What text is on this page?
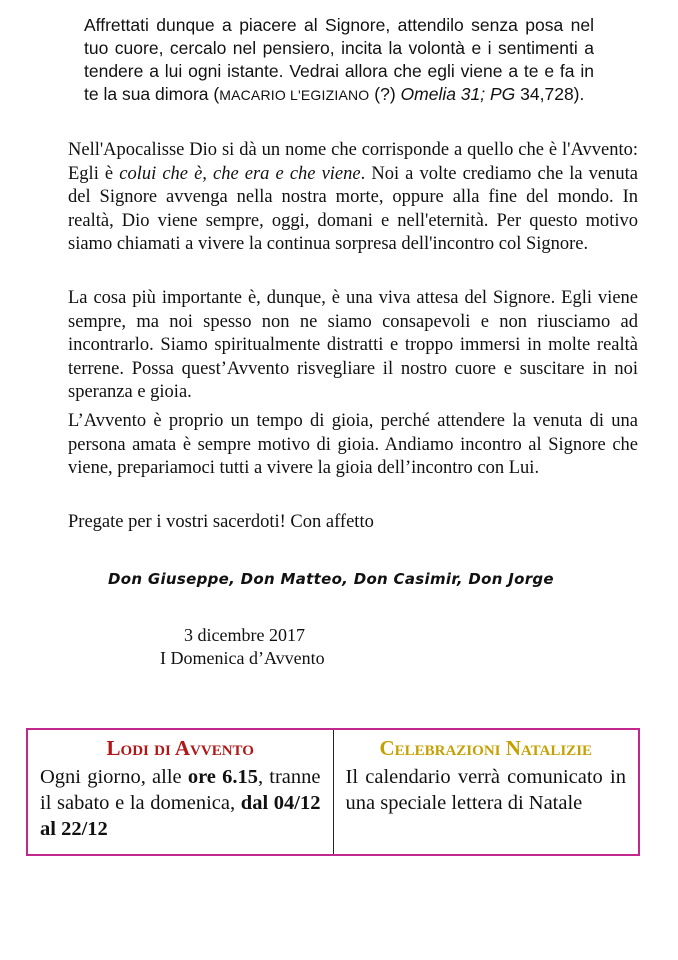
Affrettati dunque a piacere al Signore, attendilo senza posa nel tuo cuore, cercalo nel pensiero, incita la volontà e i sentimenti a tendere a lui ogni istante. Vedrai allora che egli viene a te e fa in te la sua dimora (MACARIO L'EGIZIANO (?) Omelia 31; PG 34,728).

Nell'Apocalisse Dio si dà un nome che corrisponde a quello che è l'Avvento: Egli è colui che è, che era e che viene. Noi a volte crediamo che la venuta del Signore avvenga nella nostra morte, oppure alla fine del mondo. In realtà, Dio viene sempre, oggi, domani e nell'eternità. Per questo motivo siamo chiamati a vivere la continua sorpresa dell'incontro col Signore.

La cosa più importante è, dunque, è una viva attesa del Signore. Egli viene sempre, ma noi spesso non ne siamo consapevoli e non riusciamo ad incontrarlo. Siamo spiritualmente distratti e troppo immersi in molte realtà terrene. Possa quest’Avvento risvegliare il nostro cuore e suscitare in noi speranza e gioia.

L’Avvento è proprio un tempo di gioia, perché attendere la venuta di una persona amata è sempre motivo di gioia. Andiamo incontro al Signore che viene, prepariamoci tutti a vivere la gioia dell’incontro con Lui.

Pregate per i vostri sacerdoti! Con affetto

Don Giuseppe, Don Matteo, Don Casimir, Don Jorge

3 dicembre 2017
I Domenica d’Avvento

Lodi di Avvento

Ogni giorno, alle ore 6.15, tranne il sabato e la domenica, dal 04/12 al 22/12

Celebrazioni Natalizie

Il calendario verrà comunicato in una speciale lettera di Natale
